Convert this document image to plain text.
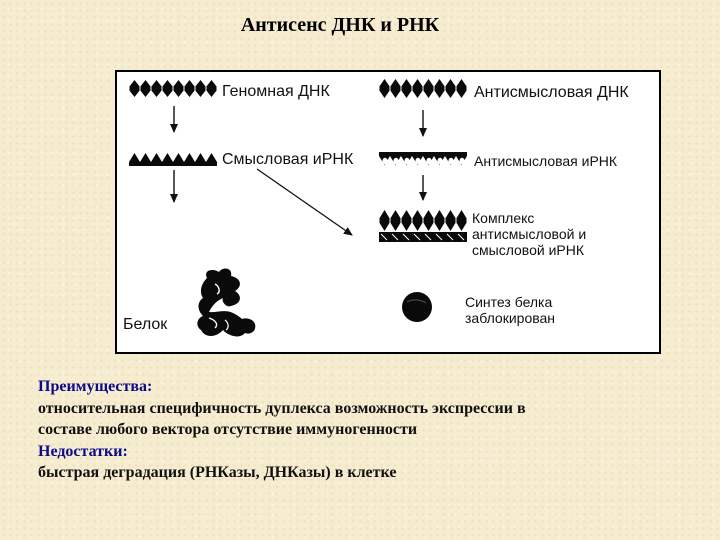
Антисенс ДНК и РНК
Геномная ДНК	Антисмысловая ДНК
Смысловая иРНК	Антисмысловая иРНК
Комплекс
антисмысловой и
смысловой иРНК
Белок
Синтез белка
заблокирован
Преимущества:
относительная специфичность дуплекса возможность экспрессии в
составе любого вектора отсутствие иммуногенности
Недостатки:
быстрая деградация (РНКазы, ДНКазы) в клетке
